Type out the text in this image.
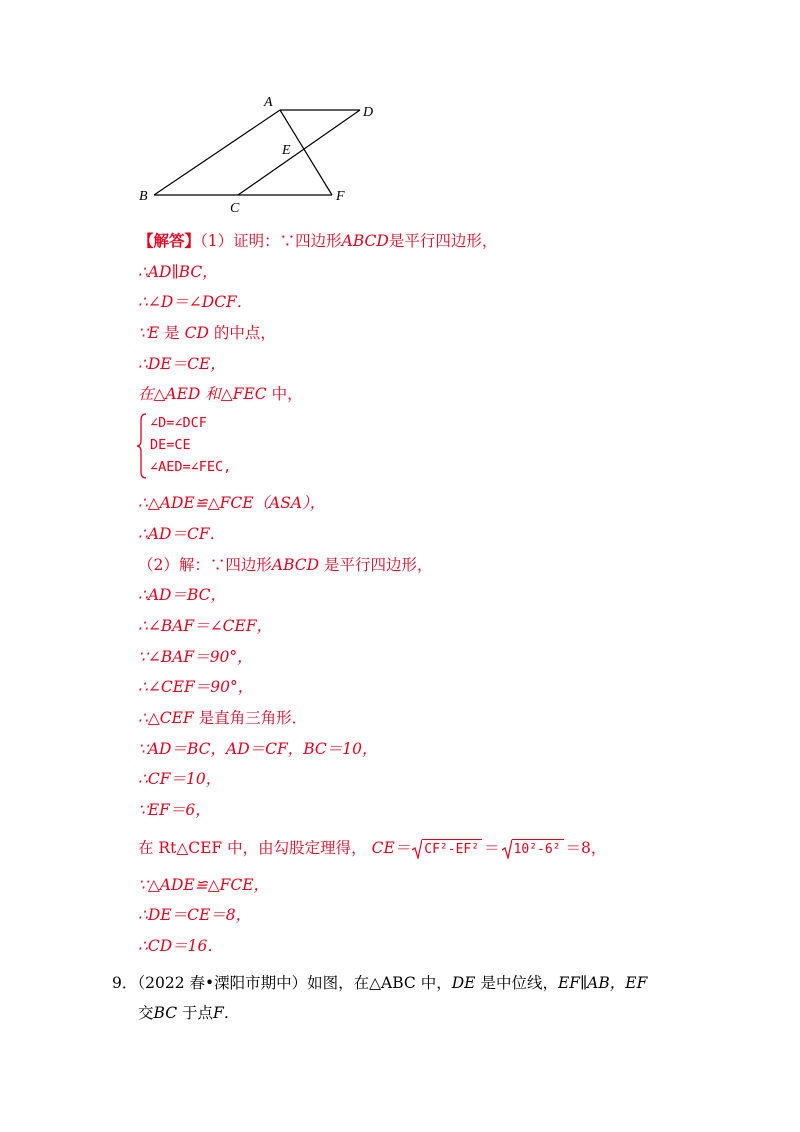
A
D
E
B
C
F
【解答】（1）证明：∵四边形ABCD是平行四边形，
∴AD∥BC，
∴∠D＝∠DCF．
∵E 是 CD 的中点，
∴DE＝CE，
在△AED 和△FEC 中，
∠D=∠DCF
DE=CE
∠AED=∠FEC,
∴△ADE≌△FCE（ASA），
∴AD＝CF．
（2）解：∵四边形ABCD 是平行四边形，
∴AD＝BC，
∴∠BAF＝∠CEF，
∵∠BAF＝90°，
∴∠CEF＝90°，
∴△CEF 是直角三角形．
∵AD＝BC，AD＝CF，BC＝10，
∴CF＝10，
∵EF＝6，
在 Rt△CEF 中，由勾股定理得， CE＝ CF²-EF² ＝ 10²-6² ＝8，
∵△ADE≌△FCE，
∴DE＝CE＝8，
∴CD＝16．
9．（2022 春•溧阳市期中）如图，在△ABC 中，DE 是中位线，EF∥AB，EF
交BC 于点F．
